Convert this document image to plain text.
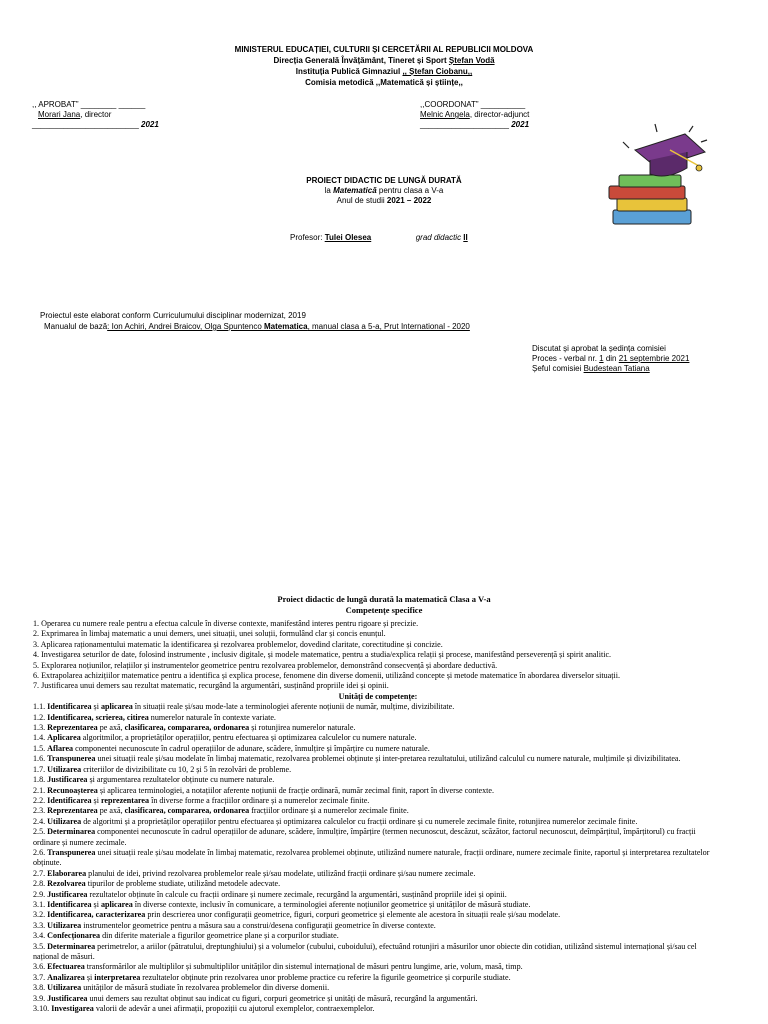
MINISTERUL EDUCAȚIEI, CULTURII ȘI CERCETĂRII AL REPUBLICII MOLDOVA
Direcția Generală Învățământ, Tineret și Sport Ștefan Vodă
Instituția Publică Gimnaziul ,, Ștefan Ciobanu,,
Comisia metodică ,,Matematică și științe,,
,, APROBAT” ________ ______
Morari Jana, director
________________________ 2021
,,COORDONAT” __________
Melnic Angela, director-adjunct
____________________ 2021
PROIECT DIDACTIC DE LUNGĂ DURATĂ
la Matematică pentru clasa a V-a
Anul de studii 2021 – 2022
Profesor: Tulei Olesea	grad didactic II
Proiectul este elaborat conform Curriculumului disciplinar modernizat, 2019
Manualul de bază: Ion Achiri, Andrei Braicov, Olga Spuntenco Matematica, manual clasa a 5-a, Prut International - 2020
Discutat și aprobat la ședința comisiei
Proces - verbal nr. 1 din 21 septembrie 2021
Șeful comisiei Budestean Tatiana
Proiect didactic de lungă durată la matematică Clasa a V-a
Competențe specifice
1. Operarea cu numere reale pentru a efectua calcule în diverse contexte, manifestând interes pentru rigoare și precizie.
2. Exprimarea în limbaj matematic a unui demers, unei situații, unei soluții, formulând clar și concis enunțul.
3. Aplicarea raționamentului matematic la identificarea și rezolvarea problemelor, dovedind claritate, corectitudine și concizie.
4. Investigarea seturilor de date, folosind instrumente , inclusiv digitale, și modele matematice, pentru a studia/explica relații și procese, manifestând perseverență și spirit analitic.
5. Explorarea noțiunilor, relațiilor și instrumentelor geometrice pentru rezolvarea problemelor, demonstrând consecvență și abordare deductivă.
6. Extrapolarea achizițiilor matematice pentru a identifica și explica procese, fenomene din diverse domenii, utilizând concepte și metode matematice în abordarea diverselor situații.
7. Justificarea unui demers sau rezultat matematic, recurgând la argumentări, susținând propriile idei și opinii.
Unități de competențe:
1.1. Identificarea și aplicarea în situații reale și/sau mode-late a terminologiei aferente noțiunii de număr, mulțime, divizibilitate.
1.2. Identificarea, scrierea, citirea numerelor naturale în contexte variate.
1.3. Reprezentarea pe axă, clasificarea, compararea, ordonarea și rotunjirea numerelor naturale.
1.4. Aplicarea algoritmilor, a proprietăților operațiilor, pentru efectuarea și optimizarea calculelor cu numere naturale.
1.5. Aflarea componentei necunoscute în cadrul operațiilor de adunare, scădere, înmulțire și împărțire cu numere naturale.
1.6. Transpunerea unei situații reale și/sau modelate în limbaj matematic, rezolvarea problemei obținute și inter-pretarea rezultatului, utilizând calculul cu numere naturale, mulțimile și divizibilitatea.
1.7. Utilizarea criteriilor de divizibilitate cu 10, 2 și 5 în rezolvări de probleme.
1.8. Justificarea și argumentarea rezultatelor obținute cu numere naturale.
2.1. Recunoașterea și aplicarea terminologiei, a notațiilor aferente noțiunii de fracție ordinară, număr zecimal finit, raport în diverse contexte.
2.2. Identificarea și reprezentarea în diverse forme a fracțiilor ordinare și a numerelor zecimale finite.
2.3. Reprezentarea pe axă, clasificarea, compararea, ordonarea fracțiilor ordinare și a numerelor zecimale finite.
2.4. Utilizarea de algoritmi și a proprietăților operațiilor pentru efectuarea și optimizarea calculelor cu fracții ordinare și cu numerele zecimale finite, rotunjirea numerelor zecimale finite.
2.5. Determinarea componentei necunoscute în cadrul operațiilor de adunare, scădere, înmulțire, împărțire (termen necunoscut, descăzut, scăzător, factorul necunoscut, deîmpărțitul, împărțitorul) cu fracții ordinare și numere zecimale.
2.6. Transpunerea unei situații reale și/sau modelate în limbaj matematic, rezolvarea problemei obținute, utilizând numere naturale, fracții ordinare, numere zecimale finite, raportul și interpretarea rezultatelor obținute.
2.7. Elaborarea planului de idei, privind rezolvarea problemelor reale și/sau modelate, utilizând fracții ordinare și/sau numere zecimale.
2.8. Rezolvarea tipurilor de probleme studiate, utilizând metodele adecvate.
2.9. Justificarea rezultatelor obținute în calcule cu fracții ordinare și numere zecimale, recurgând la argumentări, susținând propriile idei și opinii.
3.1. Identificarea și aplicarea în diverse contexte, inclusiv în comunicare, a terminologiei aferente noțiunilor geometrice și unităților de măsură studiate.
3.2. Identificarea, caracterizarea prin descrierea unor configurații geometrice, figuri, corpuri geometrice și elemente ale acestora în situații reale și/sau modelate.
3.3. Utilizarea instrumentelor geometrice pentru a măsura sau a construi/desena configurații geometrice în diverse contexte.
3.4. Confecționarea din diferite materiale a figurilor geometrice plane și a corpurilor studiate.
3.5. Determinarea perimetrelor, a ariilor (pătratului, dreptunghiului) și a volumelor (cubului, cuboidului), efectuând rotunjiri a măsurilor unor obiecte din cotidian, utilizând sistemul internațional și/sau cel național de măsuri.
3.6. Efectuarea transformărilor ale multiplilor și submultiplilor unităților din sistemul internațional de măsuri pentru lungime, arie, volum, masă, timp.
3.7. Analizarea și interpretarea rezultatelor obținute prin rezolvarea unor probleme practice cu referire la figurile geometrice și corpurile studiate.
3.8. Utilizarea unităților de măsură studiate în rezolvarea problemelor din diverse domenii.
3.9. Justificarea unui demers sau rezultat obținut sau indicat cu figuri, corpuri geometrice și unități de măsură, recurgând la argumentări.
3.10. Investigarea valorii de adevăr a unei afirmații, propoziții cu ajutorul exemplelor, contraexemplelor.
